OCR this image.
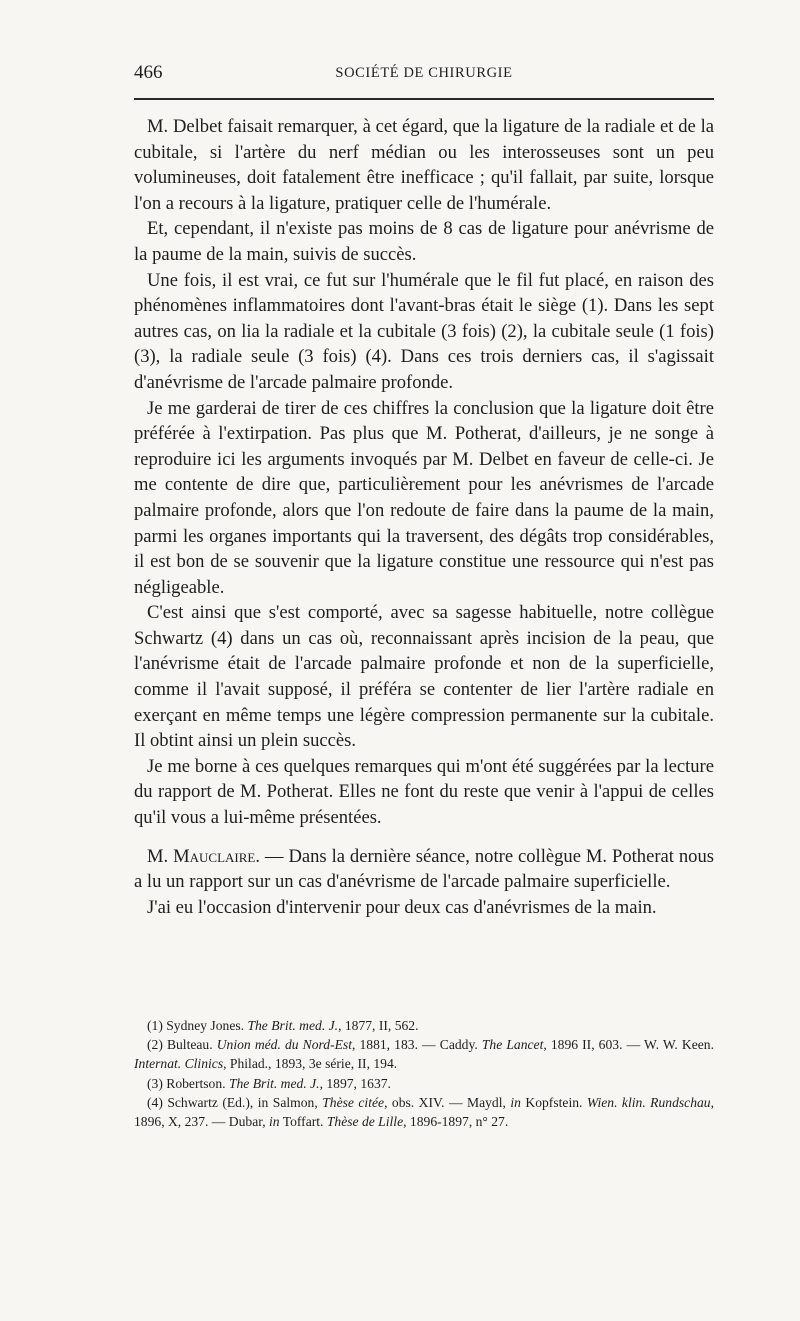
466	SOCIÉTÉ DE CHIRURGIE

M. Delbet faisait remarquer, à cet égard, que la ligature de la radiale et de la cubitale, si l'artère du nerf médian ou les interosseuses sont un peu volumineuses, doit fatalement être inefficace ; qu'il fallait, par suite, lorsque l'on a recours à la ligature, pratiquer celle de l'humérale.

Et, cependant, il n'existe pas moins de 8 cas de ligature pour anévrisme de la paume de la main, suivis de succès.

Une fois, il est vrai, ce fut sur l'humérale que le fil fut placé, en raison des phénomènes inflammatoires dont l'avant-bras était le siège (1). Dans les sept autres cas, on lia la radiale et la cubitale (3 fois) (2), la cubitale seule (1 fois) (3), la radiale seule (3 fois) (4). Dans ces trois derniers cas, il s'agissait d'anévrisme de l'arcade palmaire profonde.

Je me garderai de tirer de ces chiffres la conclusion que la ligature doit être préférée à l'extirpation. Pas plus que M. Potherat, d'ailleurs, je ne songe à reproduire ici les arguments invoqués par M. Delbet en faveur de celle-ci. Je me contente de dire que, particulièrement pour les anévrismes de l'arcade palmaire profonde, alors que l'on redoute de faire dans la paume de la main, parmi les organes importants qui la traversent, des dégâts trop considérables, il est bon de se souvenir que la ligature constitue une ressource qui n'est pas négligeable.

C'est ainsi que s'est comporté, avec sa sagesse habituelle, notre collègue Schwartz (4) dans un cas où, reconnaissant après incision de la peau, que l'anévrisme était de l'arcade palmaire profonde et non de la superficielle, comme il l'avait supposé, il préféra se contenter de lier l'artère radiale en exerçant en même temps une légère compression permanente sur la cubitale. Il obtint ainsi un plein succès.

Je me borne à ces quelques remarques qui m'ont été suggérées par la lecture du rapport de M. Potherat. Elles ne font du reste que venir à l'appui de celles qu'il vous a lui-même présentées.

M. Mauclaire. — Dans la dernière séance, notre collègue M. Potherat nous a lu un rapport sur un cas d'anévrisme de l'arcade palmaire superficielle.

J'ai eu l'occasion d'intervenir pour deux cas d'anévrismes de la main.

(1) Sydney Jones. The Brit. med. J., 1877, II, 562.

(2) Bulteau. Union méd. du Nord-Est, 1881, 183. — Caddy. The Lancet, 1896 II, 603. — W. W. Keen. Internat. Clinics, Philad., 1893, 3e série, II, 194.

(3) Robertson. The Brit. med. J., 1897, 1637.

(4) Schwartz (Ed.), in Salmon, Thèse citée, obs. XIV. — Maydl, in Kopfstein. Wien. klin. Rundschau, 1896, X, 237. — Dubar, in Toffart. Thèse de Lille, 1896-1897, n° 27.
